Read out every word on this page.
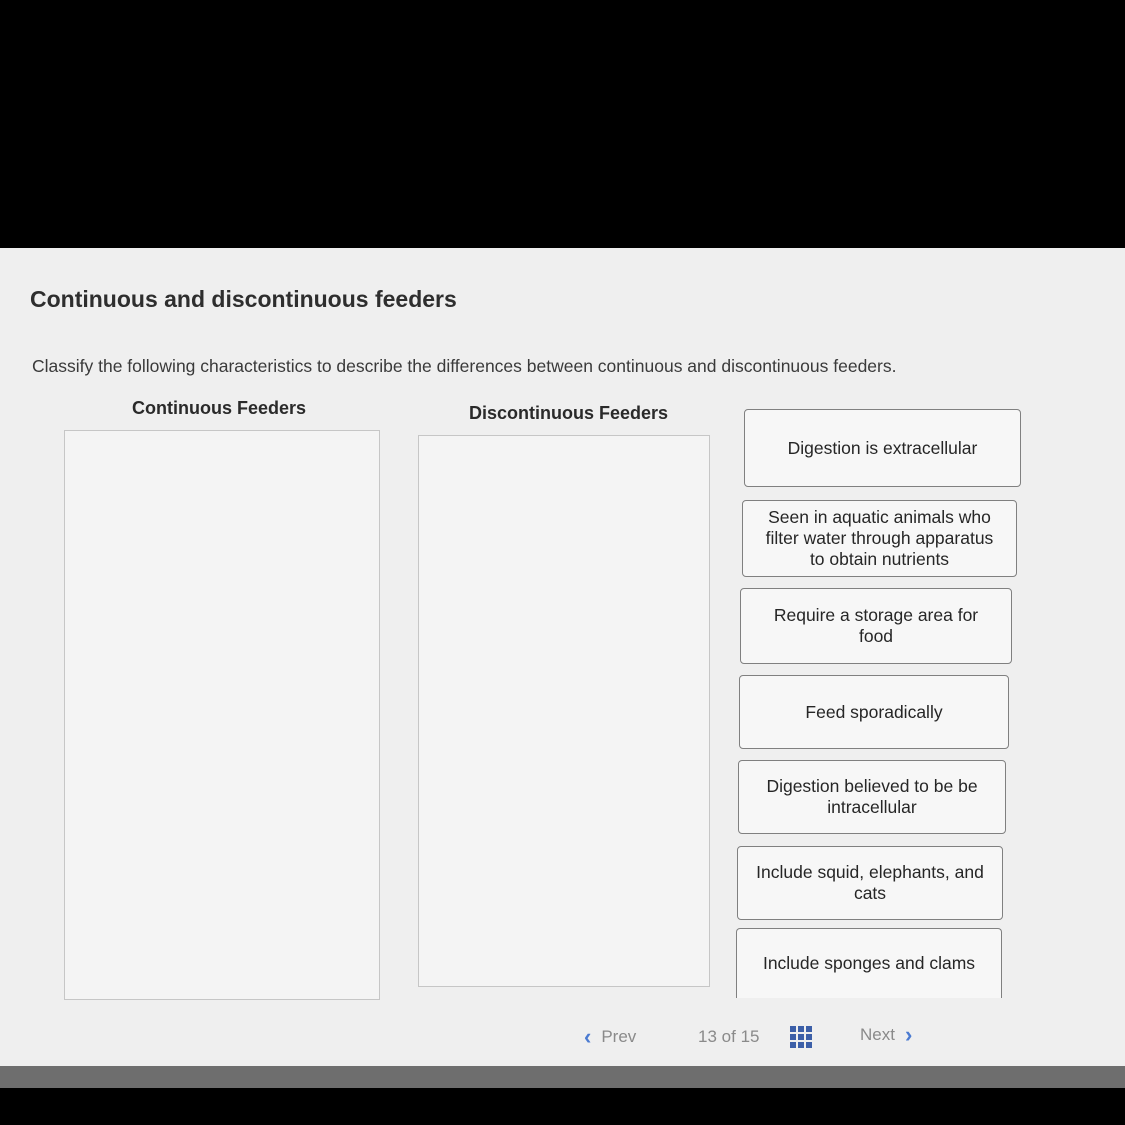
Continuous and discontinuous feeders

Classify the following characteristics to describe the differences between continuous and discontinuous feeders.

Continuous Feeders	Discontinuous Feeders
Digestion is extracellular
Seen in aquatic animals who filter water through apparatus to obtain nutrients
Require a storage area for food
Feed sporadically
Digestion believed to be be intracellular
Include squid, elephants, and cats
Include sponges and clams
‹ Prev	13 of 15	Next ›
